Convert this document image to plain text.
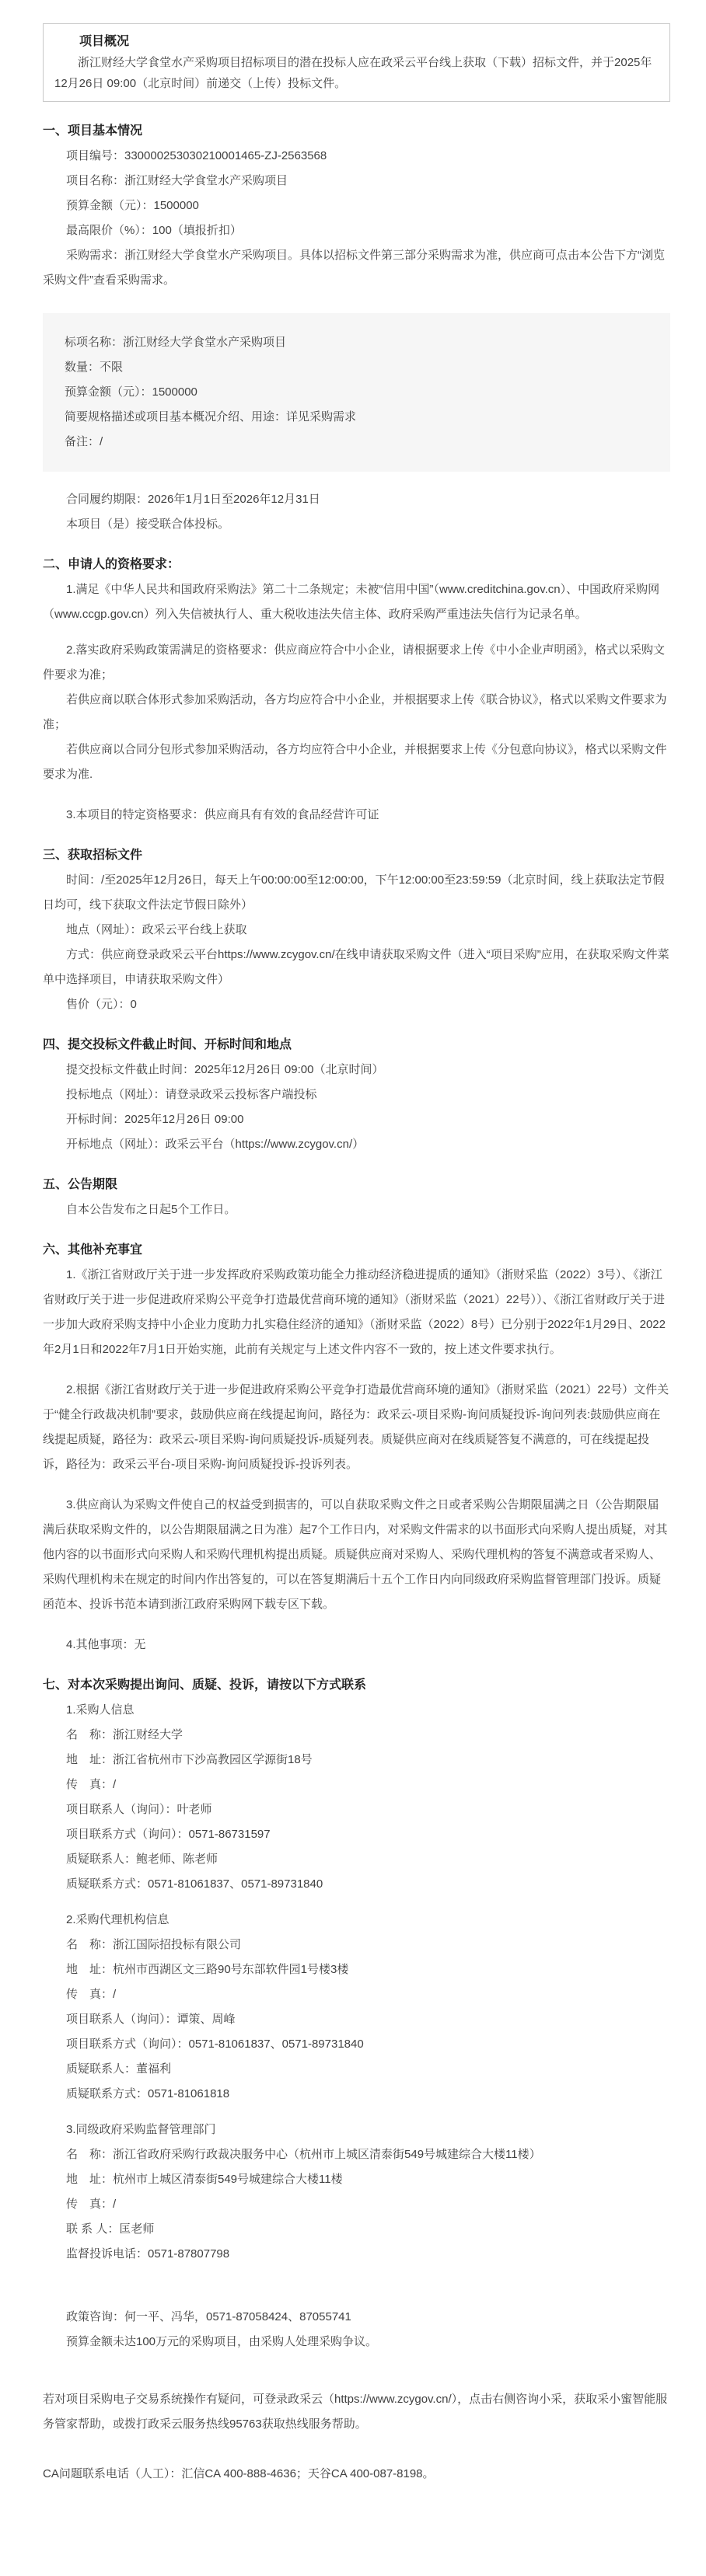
项目概况

浙江财经大学食堂水产采购项目招标项目的潜在投标人应在政采云平台线上获取（下载）招标文件，并于2025年12月26日 09:00（北京时间）前递交（上传）投标文件。

一、项目基本情况

项目编号：330000253030210001465-ZJ-2563568

项目名称：浙江财经大学食堂水产采购项目

预算金额（元）：1500000

最高限价（%）：100（填报折扣）

采购需求：浙江财经大学食堂水产采购项目。具体以招标文件第三部分采购需求为准，供应商可点击本公告下方“浏览采购文件”查看采购需求。

标项名称：浙江财经大学食堂水产采购项目

数量：不限

预算金额（元）：1500000

简要规格描述或项目基本概况介绍、用途：详见采购需求

备注：/

合同履约期限：2026年1月1日至2026年12月31日

本项目（是）接受联合体投标。

二、申请人的资格要求：

1.满足《中华人民共和国政府采购法》第二十二条规定；未被“信用中国”（www.creditchina.gov.cn）、中国政府采购网（www.ccgp.gov.cn）列入失信被执行人、重大税收违法失信主体、政府采购严重违法失信行为记录名单。

2.落实政府采购政策需满足的资格要求：供应商应符合中小企业，请根据要求上传《中小企业声明函》，格式以采购文件要求为准；

若供应商以联合体形式参加采购活动，各方均应符合中小企业，并根据要求上传《联合协议》，格式以采购文件要求为准；

若供应商以合同分包形式参加采购活动，各方均应符合中小企业，并根据要求上传《分包意向协议》，格式以采购文件要求为准.

3.本项目的特定资格要求：供应商具有有效的食品经营许可证

三、获取招标文件

时间：/至2025年12月26日，每天上午00:00:00至12:00:00，下午12:00:00至23:59:59（北京时间，线上获取法定节假日均可，线下获取文件法定节假日除外）

地点（网址）：政采云平台线上获取

方式：供应商登录政采云平台https://www.zcygov.cn/在线申请获取采购文件（进入“项目采购”应用，在获取采购文件菜单中选择项目，申请获取采购文件）

售价（元）：0

四、提交投标文件截止时间、开标时间和地点

提交投标文件截止时间：2025年12月26日 09:00（北京时间）

投标地点（网址）：请登录政采云投标客户端投标

开标时间：2025年12月26日 09:00

开标地点（网址）：政采云平台（https://www.zcygov.cn/）

五、公告期限

自本公告发布之日起5个工作日。

六、其他补充事宜

1.《浙江省财政厅关于进一步发挥政府采购政策功能全力推动经济稳进提质的通知》（浙财采监（2022）3号）、《浙江省财政厅关于进一步促进政府采购公平竞争打造最优营商环境的通知》（浙财采监（2021）22号））、《浙江省财政厅关于进一步加大政府采购支持中小企业力度助力扎实稳住经济的通知》（浙财采监（2022）8号）已分别于2022年1月29日、2022年2月1日和2022年7月1日开始实施，此前有关规定与上述文件内容不一致的，按上述文件要求执行。

2.根据《浙江省财政厅关于进一步促进政府采购公平竞争打造最优营商环境的通知》（浙财采监（2021）22号）文件关于“健全行政裁决机制”要求，鼓励供应商在线提起询问，路径为：政采云-项目采购-询问质疑投诉-询问列表:鼓励供应商在线提起质疑，路径为：政采云-项目采购-询问质疑投诉-质疑列表。质疑供应商对在线质疑答复不满意的，可在线提起投诉，路径为：政采云平台-项目采购-询问质疑投诉-投诉列表。

3.供应商认为采购文件使自己的权益受到损害的，可以自获取采购文件之日或者采购公告期限届满之日（公告期限届满后获取采购文件的，以公告期限届满之日为准）起7个工作日内，对采购文件需求的以书面形式向采购人提出质疑，对其他内容的以书面形式向采购人和采购代理机构提出质疑。质疑供应商对采购人、采购代理机构的答复不满意或者采购人、采购代理机构未在规定的时间内作出答复的，可以在答复期满后十五个工作日内向同级政府采购监督管理部门投诉。质疑函范本、投诉书范本请到浙江政府采购网下载专区下载。

4.其他事项：无

七、对本次采购提出询问、质疑、投诉，请按以下方式联系

1.采购人信息

名　称：浙江财经大学

地　址：浙江省杭州市下沙高教园区学源街18号

传　真：/

项目联系人（询问）：叶老师

项目联系方式（询问）：0571-86731597

质疑联系人：鲍老师、陈老师

质疑联系方式：0571-81061837、0571-89731840

2.采购代理机构信息

名　称：浙江国际招投标有限公司

地　址：杭州市西湖区文三路90号东部软件园1号楼3楼

传　真：/

项目联系人（询问）：谭策、周峰

项目联系方式（询问）：0571-81061837、0571-89731840

质疑联系人：董福利

质疑联系方式：0571-81061818

3.同级政府采购监督管理部门

名　称：浙江省政府采购行政裁决服务中心（杭州市上城区清泰街549号城建综合大楼11楼）

地　址：杭州市上城区清泰街549号城建综合大楼11楼

传　真：/

联 系 人：匡老师

监督投诉电话：0571-87807798

政策咨询：何一平、冯华，0571-87058424、87055741

预算金额未达100万元的采购项目，由采购人处理采购争议。

若对项目采购电子交易系统操作有疑问，可登录政采云（https://www.zcygov.cn/），点击右侧咨询小采，获取采小蜜智能服务管家帮助，或拨打政采云服务热线95763获取热线服务帮助。

CA问题联系电话（人工）：汇信CA 400-888-4636；天谷CA 400-087-8198。
